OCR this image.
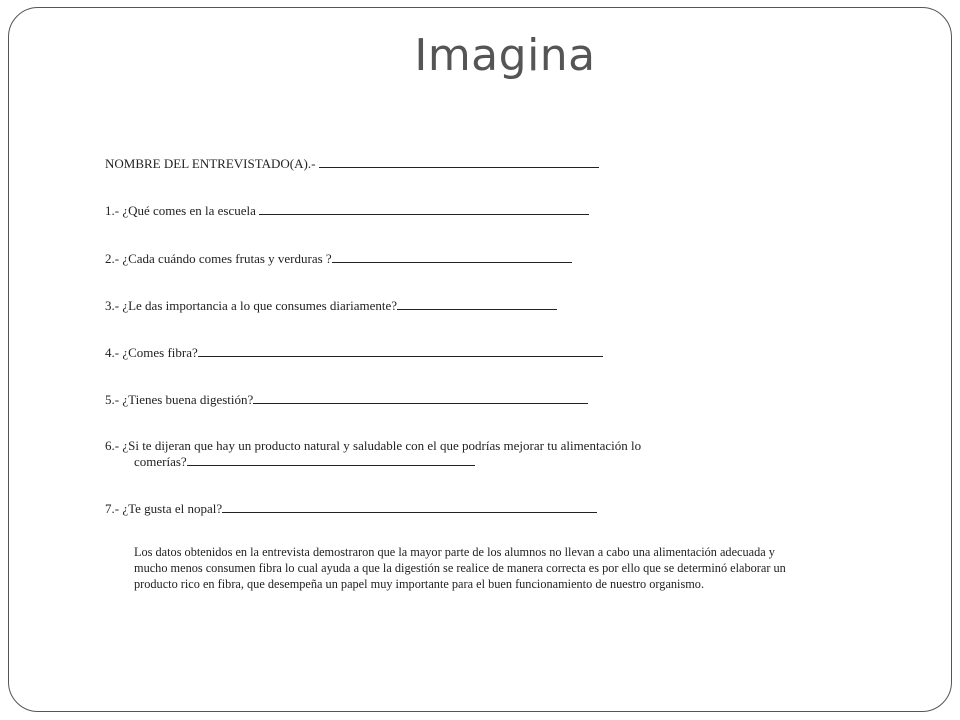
Imagina
NOMBRE DEL ENTREVISTADO(A).-
1.- ¿Qué comes en la escuela
2.- ¿Cada cuándo comes frutas y verduras ?
3.- ¿Le das importancia a lo que consumes diariamente?
4.- ¿Comes fibra?
5.- ¿Tienes buena digestión?
6.- ¿Si te dijeran que hay un producto natural y saludable con el que podrías mejorar tu alimentación lo
comerías?
7.- ¿Te gusta el nopal?
Los datos obtenidos en la entrevista demostraron que la mayor parte de los alumnos no llevan a cabo una alimentación adecuada y
mucho menos consumen fibra lo cual ayuda a que la digestión se realice de manera correcta es por ello que se determinó elaborar un
producto rico en fibra, que desempeña un papel muy importante para el buen funcionamiento de nuestro organismo.
